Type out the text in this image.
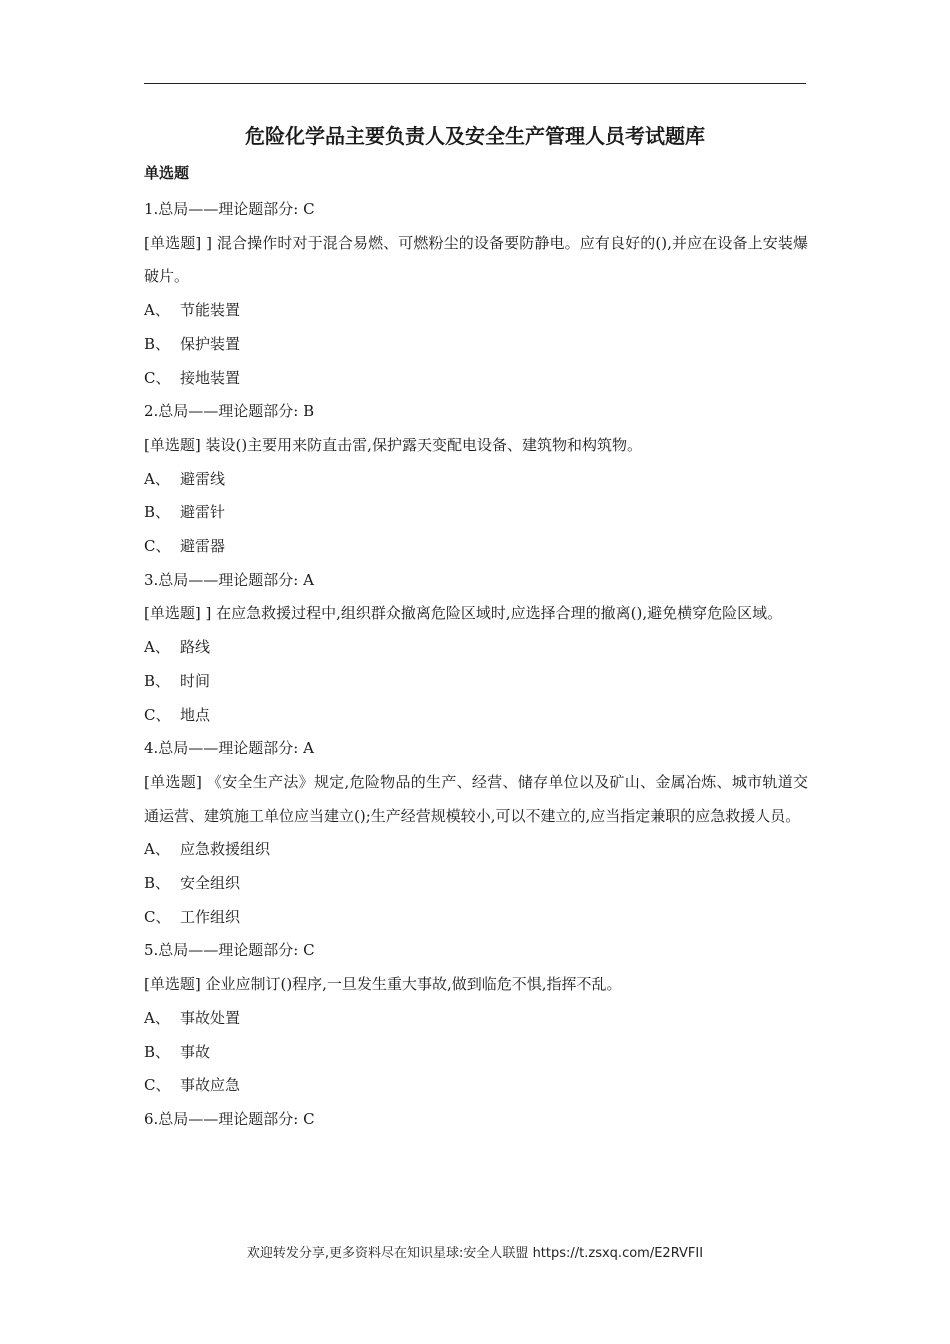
危险化学品主要负责人及安全生产管理人员考试题库
单选题
1.总局——理论题部分: C
[单选题] ] 混合操作时对于混合易燃、可燃粉尘的设备要防静电。应有良好的(),并应在设备上安装爆破片。
A、 节能装置
B、 保护装置
C、 接地装置
2.总局——理论题部分: B
[单选题] 装设()主要用来防直击雷,保护露天变配电设备、建筑物和构筑物。
A、 避雷线
B、 避雷针
C、 避雷器
3.总局——理论题部分: A
[单选题] ] 在应急救援过程中,组织群众撤离危险区域时,应选择合理的撤离(),避免横穿危险区域。
A、 路线
B、 时间
C、 地点
4.总局——理论题部分: A
[单选题] 《安全生产法》规定,危险物品的生产、经营、储存单位以及矿山、金属冶炼、城市轨道交通运营、建筑施工单位应当建立();生产经营规模较小,可以不建立的,应当指定兼职的应急救援人员。
A、 应急救援组织
B、 安全组织
C、 工作组织
5.总局——理论题部分: C
[单选题] 企业应制订()程序,一旦发生重大事故,做到临危不惧,指挥不乱。
A、 事故处置
B、 事故
C、 事故应急
6.总局——理论题部分: C
欢迎转发分享,更多资料尽在知识星球:安全人联盟 https://t.zsxq.com/E2RVFII
